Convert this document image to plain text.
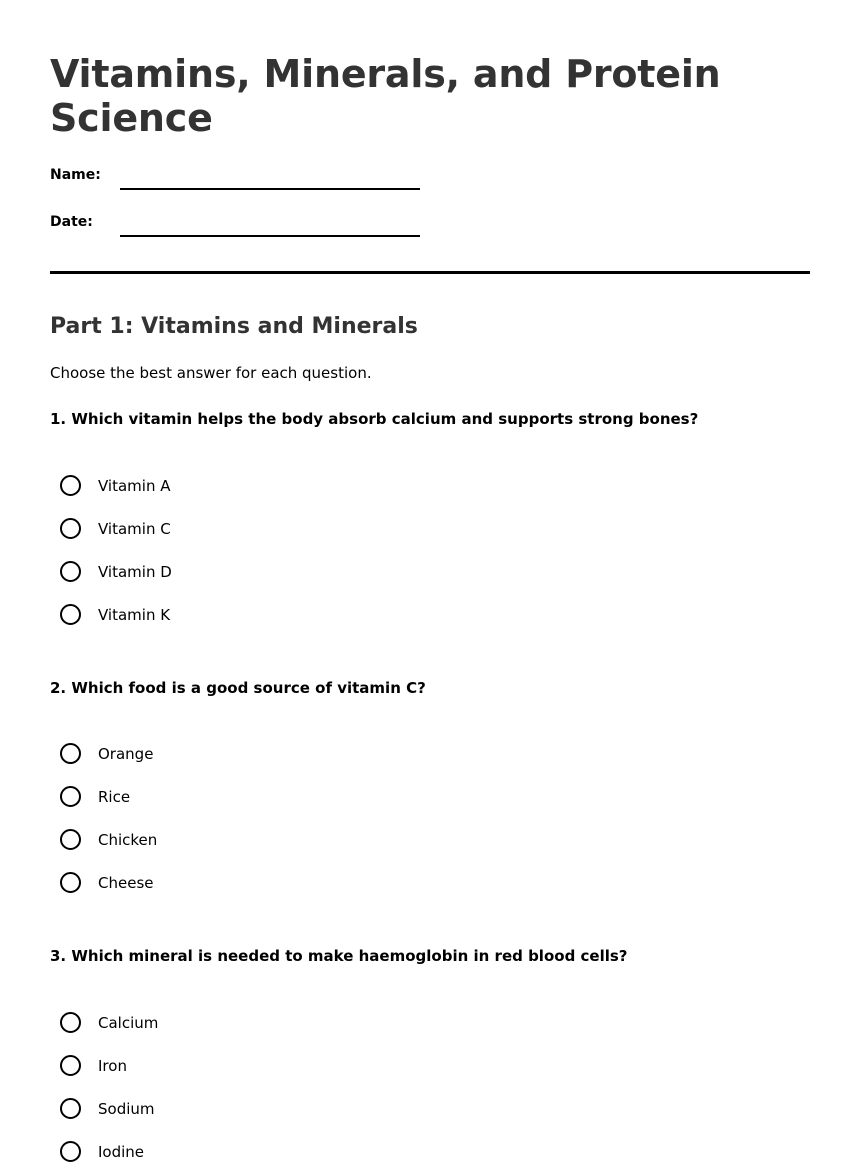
Vitamins, Minerals, and Protein Science
Name:
Date:
Part 1: Vitamins and Minerals
Choose the best answer for each question.
1. Which vitamin helps the body absorb calcium and supports strong bones?
Vitamin A
Vitamin C
Vitamin D
Vitamin K
2. Which food is a good source of vitamin C?
Orange
Rice
Chicken
Cheese
3. Which mineral is needed to make haemoglobin in red blood cells?
Calcium
Iron
Sodium
Iodine
